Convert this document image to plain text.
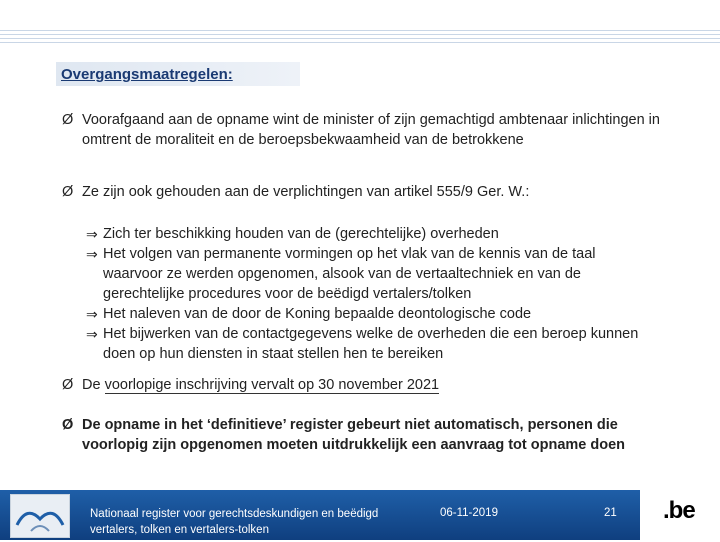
Overgangsmaatregelen:
Ø Voorafgaand aan de opname wint de minister of zijn gemachtigd ambtenaar inlichtingen in omtrent de moraliteit en de beroepsbekwaamheid van de betrokkene
Ø Ze zijn ook gehouden aan de verplichtingen van artikel 555/9 Ger. W.:
⇒ Zich ter beschikking houden van de (gerechtelijke) overheden
⇒ Het volgen van permanente vormingen op het vlak van de kennis van de taal waarvoor ze werden opgenomen, alsook van de vertaaltechniek en van de gerechtelijke procedures voor de beëdigd vertalers/tolken
⇒ Het naleven van de door de Koning bepaalde deontologische code
⇒ Het bijwerken van de contactgegevens welke de overheden die een beroep kunnen doen op hun diensten in staat stellen hen te bereiken
Ø De voorlopige inschrijving vervalt op 30 november 2021
Ø De opname in het ‘definitieve’ register gebeurt niet automatisch, personen die voorlopig zijn opgenomen moeten uitdrukkelijk een aanvraag tot opname doen
Nationaal register voor gerechtsdeskundigen en beëdigd vertalers, tolken en vertalers-tolken
06-11-2019	21 .be
